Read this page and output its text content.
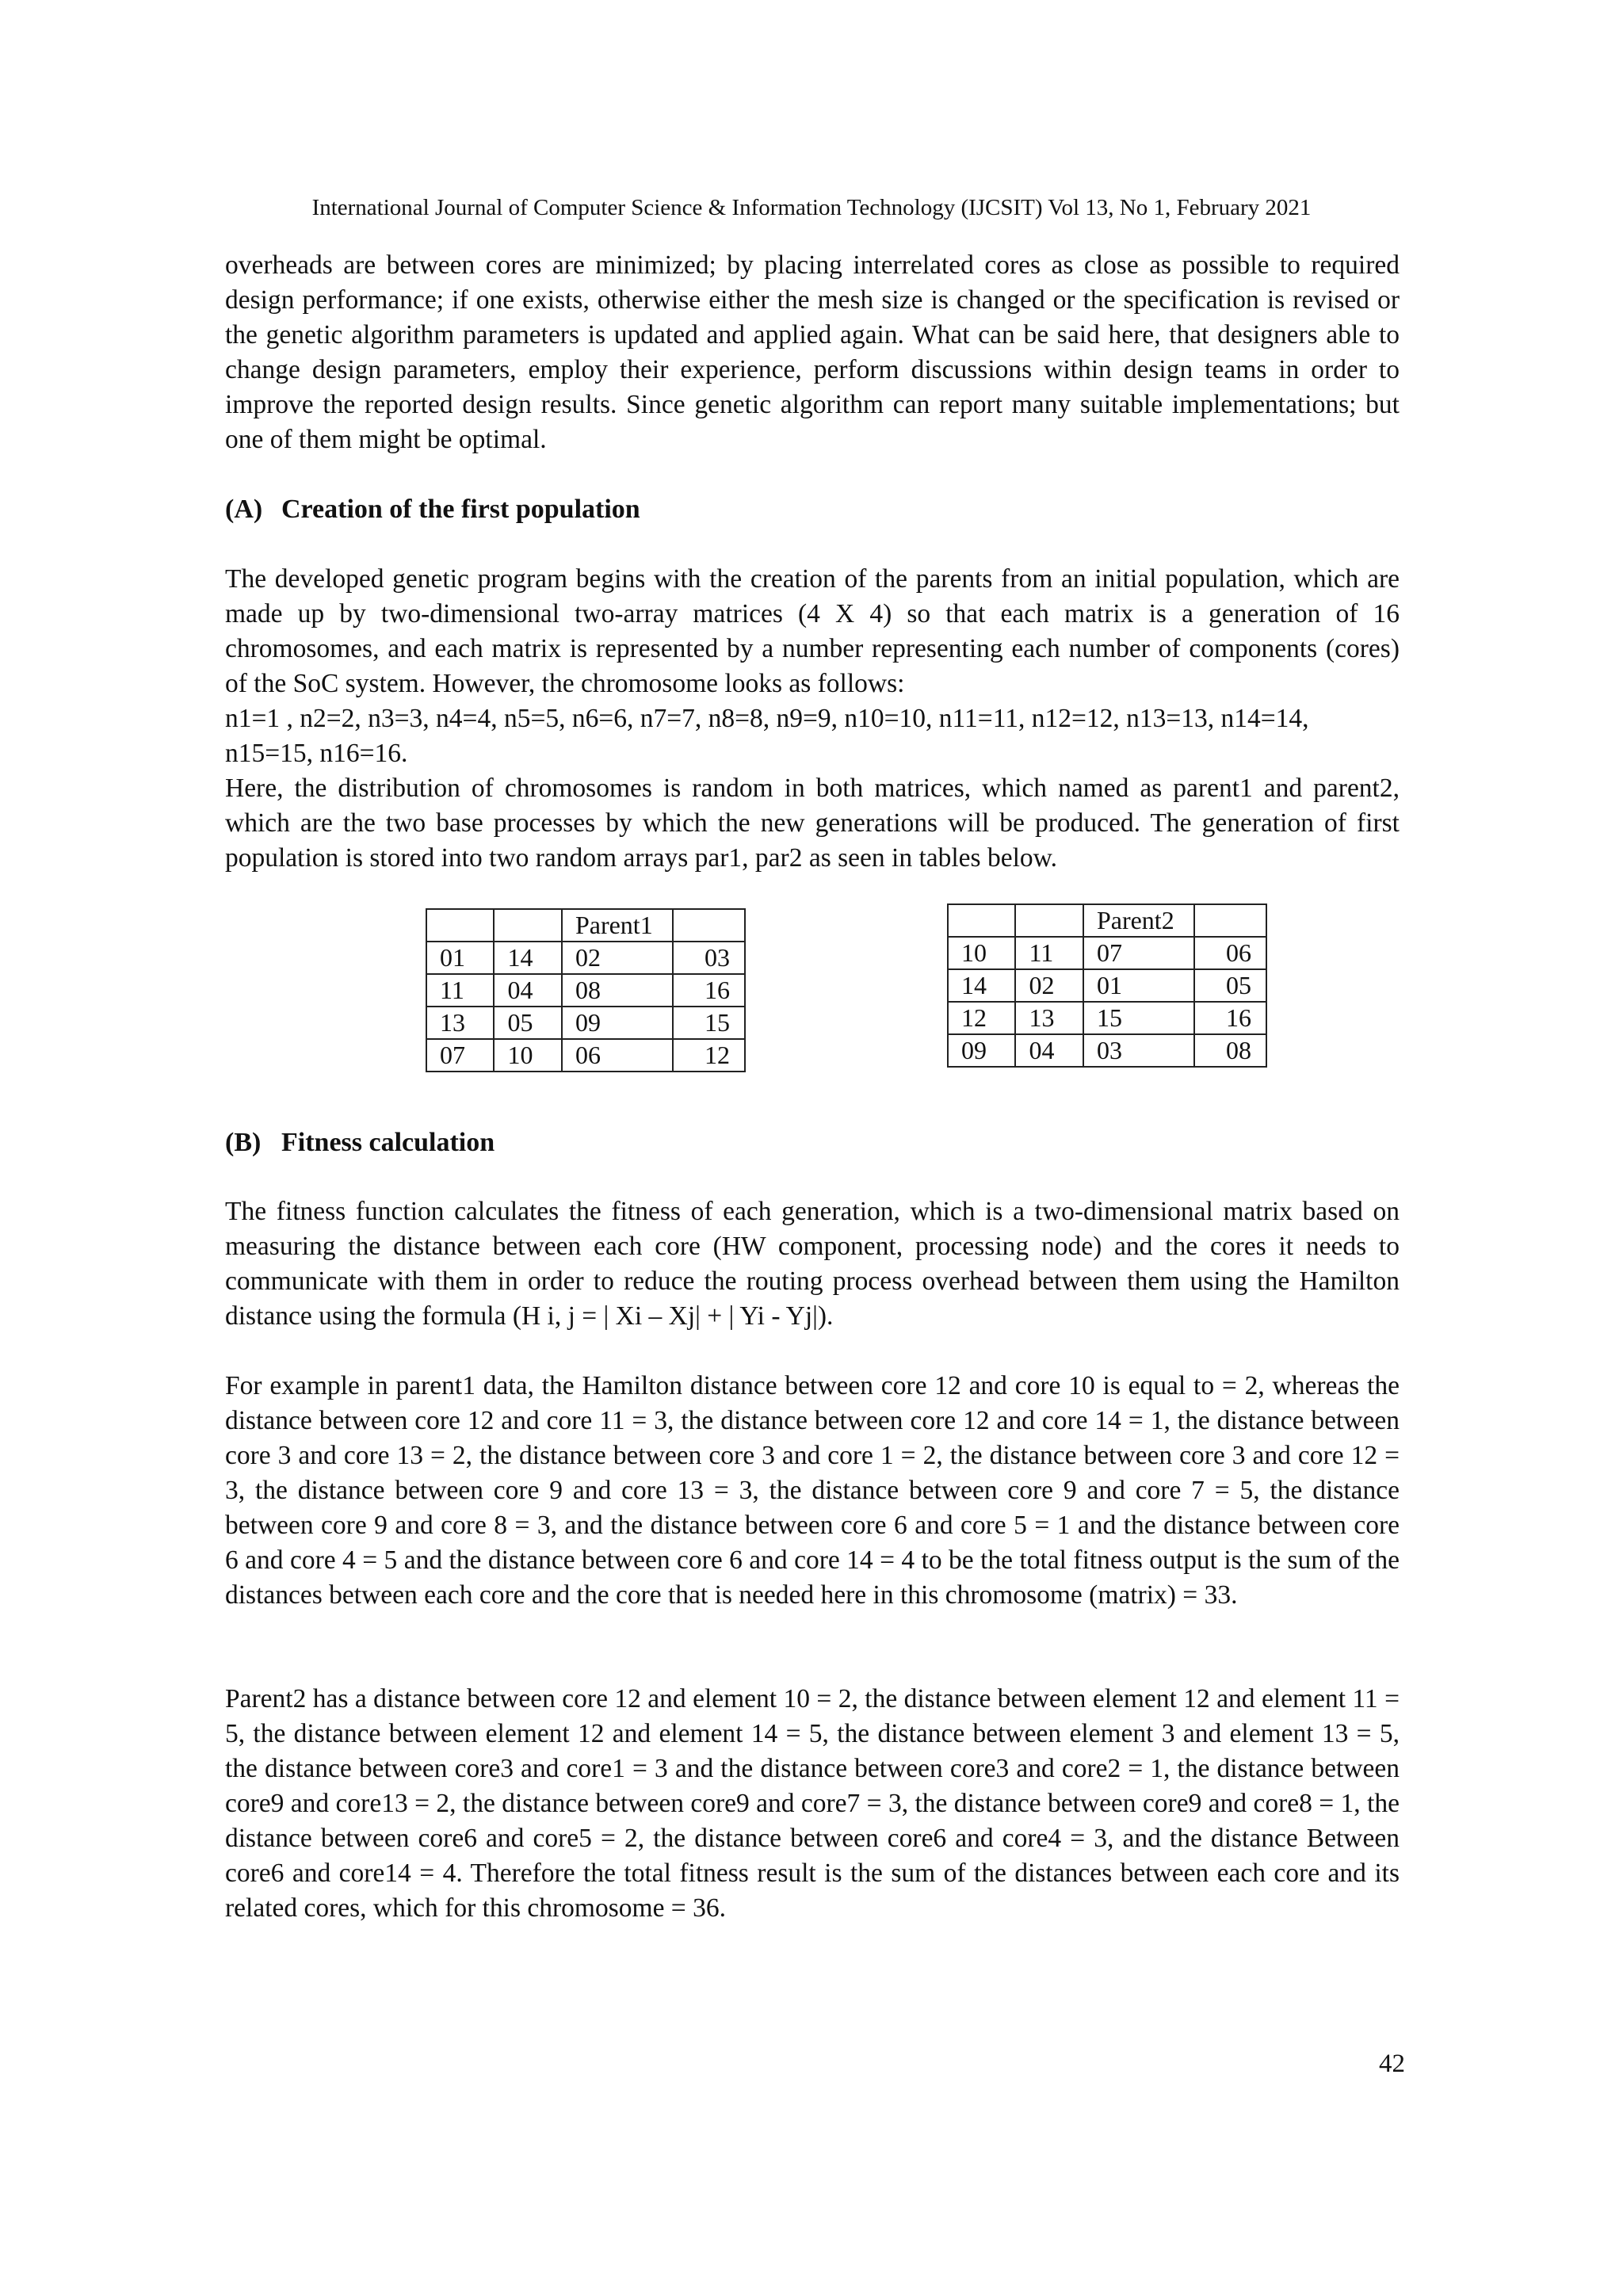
International Journal of Computer Science & Information Technology (IJCSIT) Vol 13, No 1, February 2021

overheads are between cores are minimized; by placing interrelated cores as close as possible to required design performance; if one exists, otherwise either the mesh size is changed or the specification is revised or the genetic algorithm parameters is updated and applied again. What can be said here, that designers able to change design parameters, employ their experience, perform discussions within design teams in order to improve the reported design results. Since genetic algorithm can report many suitable implementations; but one of them might be optimal.

(A) Creation of the first population

The developed genetic program begins with the creation of the parents from an initial population, which are made up by two-dimensional two-array matrices (4 X 4) so that each matrix is a generation of 16 chromosomes, and each matrix is represented by a number representing each number of components (cores) of the SoC system. However, the chromosome looks as follows:

n1=1 , n2=2, n3=3, n4=4, n5=5, n6=6, n7=7, n8=8, n9=9, n10=10, n11=11, n12=12, n13=13, n14=14, n15=15, n16=16.

Here, the distribution of chromosomes is random in both matrices, which named as parent1 and parent2, which are the two base processes by which the new generations will be produced. The generation of first population is stored into two random arrays par1, par2 as seen in tables below.

		Parent1	
01	14	02	03
11	04	08	16
13	05	09	15
07	10	06	12
		Parent2	
10	11	07	06
14	02	01	05
12	13	15	16
09	04	03	08

(B) Fitness calculation

The fitness function calculates the fitness of each generation, which is a two-dimensional matrix based on measuring the distance between each core (HW component, processing node) and the cores it needs to communicate with them in order to reduce the routing process overhead between them using the Hamilton distance using the formula (H i, j = | Xi – Xj| + | Yi - Yj|).

For example in parent1 data, the Hamilton distance between core 12 and core 10 is equal to = 2, whereas the distance between core 12 and core 11 = 3, the distance between core 12 and core 14 = 1, the distance between core 3 and core 13 = 2, the distance between core 3 and core 1 = 2, the distance between core 3 and core 12 = 3, the distance between core 9 and core 13 = 3, the distance between core 9 and core 7 = 5, the distance between core 9 and core 8 = 3, and the distance between core 6 and core 5 = 1 and the distance between core 6 and core 4 = 5 and the distance between core 6 and core 14 = 4 to be the total fitness output is the sum of the distances between each core and the core that is needed here in this chromosome (matrix) = 33.

Parent2 has a distance between core 12 and element 10 = 2, the distance between element 12 and element 11 = 5, the distance between element 12 and element 14 = 5, the distance between element 3 and element 13 = 5, the distance between core3 and core1 = 3 and the distance between core3 and core2 = 1, the distance between core9 and core13 = 2, the distance between core9 and core7 = 3, the distance between core9 and core8 = 1, the distance between core6 and core5 = 2, the distance between core6 and core4 = 3, and the distance Between core6 and core14 = 4. Therefore the total fitness result is the sum of the distances between each core and its related cores, which for this chromosome = 36.

42
